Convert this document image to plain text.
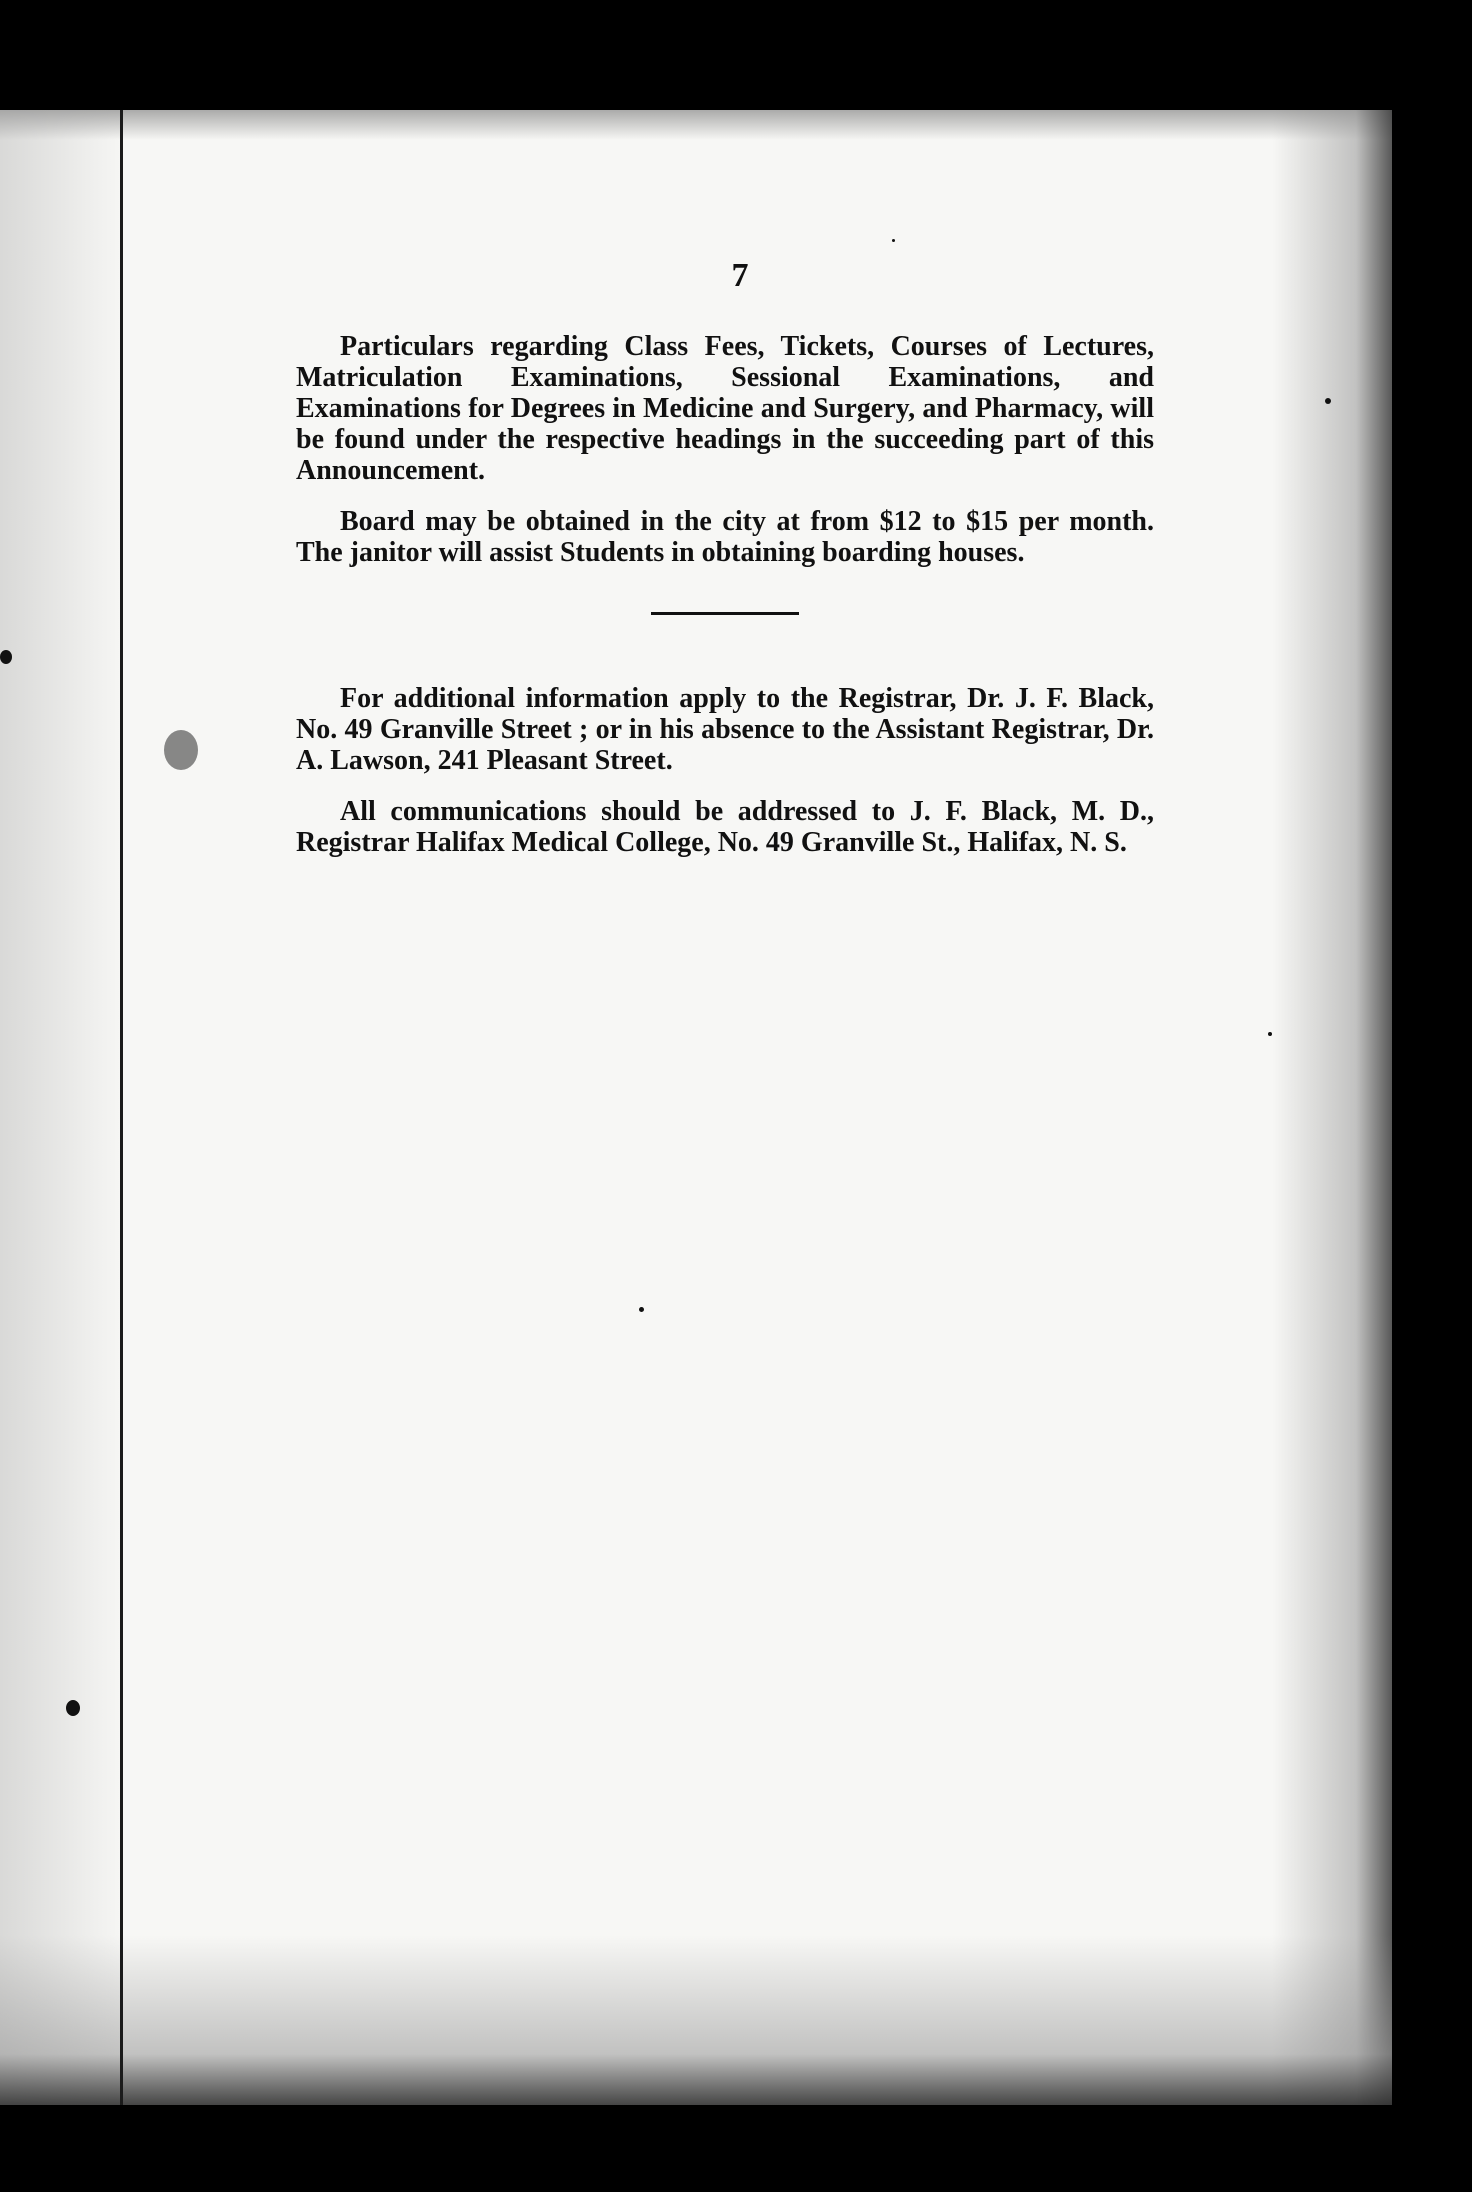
7

Particulars regarding Class Fees, Tickets, Courses of Lectures, Matriculation Examinations, Sessional Examinations, and Examinations for Degrees in Medicine and Surgery, and Pharmacy, will be found under the respective headings in the succeeding part of this Announcement.

Board may be obtained in the city at from $12 to $15 per month. The janitor will assist Students in obtaining boarding houses.

For additional information apply to the Registrar, Dr. J. F. Black, No. 49 Granville Street ; or in his absence to the Assistant Registrar, Dr. A. Lawson, 241 Pleasant Street.

All communications should be addressed to J. F. Black, M. D., Registrar Halifax Medical College, No. 49 Granville St., Halifax, N. S.
